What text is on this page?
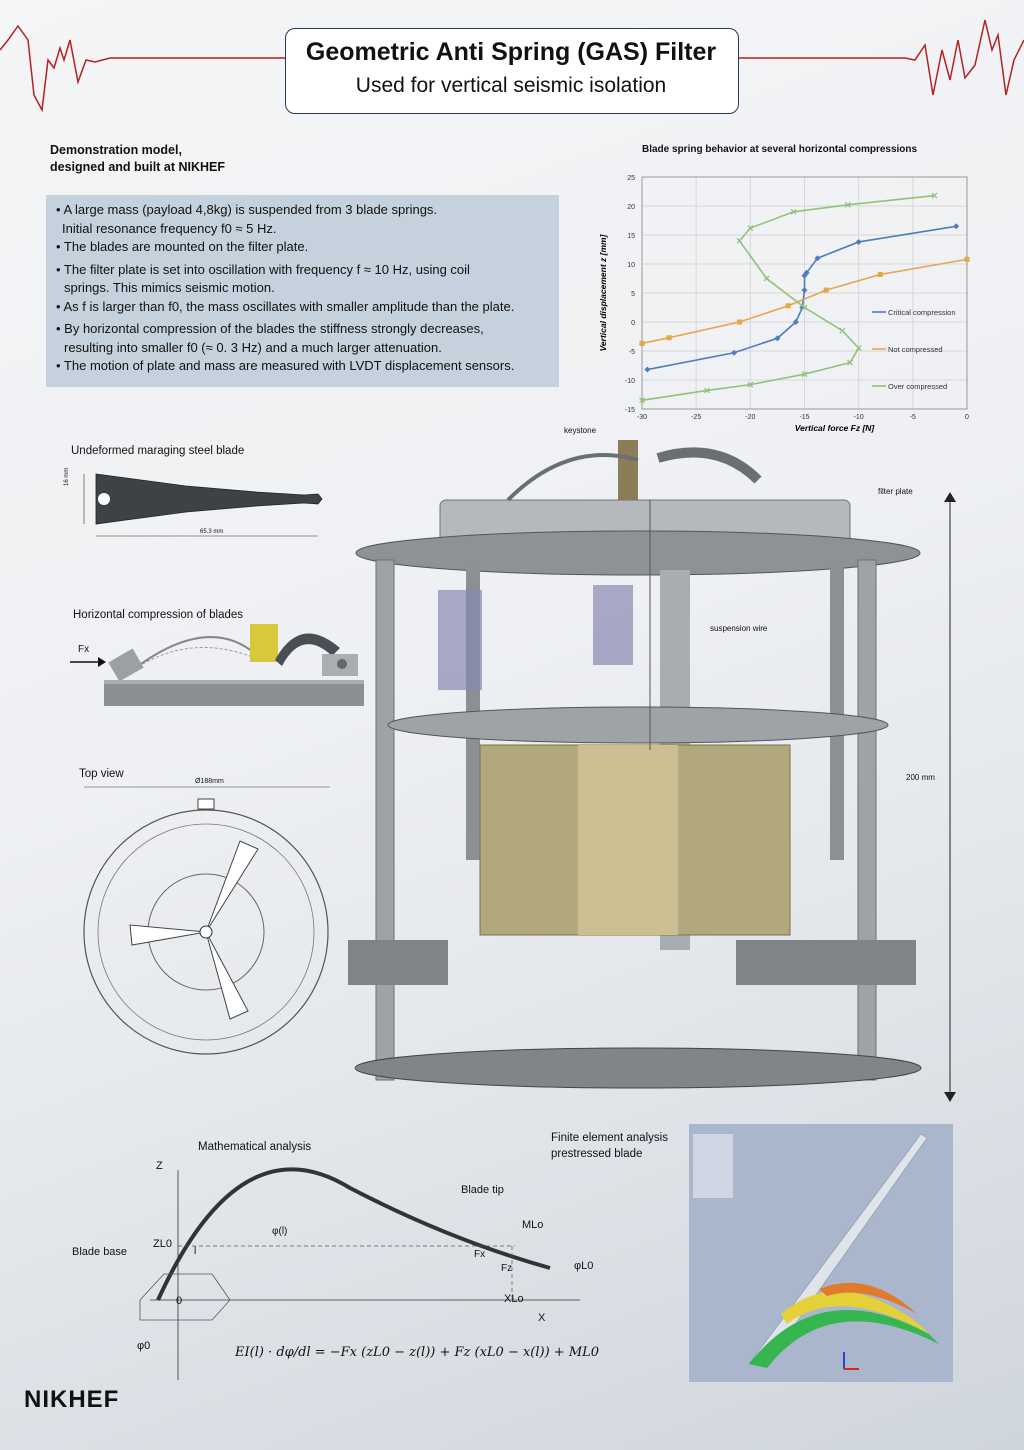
Geometric Anti Spring (GAS) Filter
Used for vertical seismic isolation
Demonstration model,
designed and built at NIKHEF
• A large mass (payload 4,8kg) is suspended from 3 blade springs.
Initial resonance frequency f0 ≈ 5 Hz.
• The blades are mounted on the filter plate.
• The filter plate is set into oscillation with frequency f ≈ 10 Hz, using coil
springs. This mimics seismic motion.
• As f is larger than f0, the mass oscillates with smaller amplitude than the plate.
• By horizontal compression of the blades the stiffness strongly decreases,
resulting into smaller f0 (≈ 0. 3 Hz) and a much larger attenuation.
• The motion of plate and mass are measured with LVDT displacement sensors.
Blade spring behavior at several horizontal compressions
-30	-25	-20	-15	-10	-5	0
-15
-10
-5
0
5
10
15
20
25
Vertical force Fz [N]
Vertical displacement z [mm]	Critical compression
Not compressed
Over compressed
Undeformed maraging steel blade
65.3 mm
16 mm
Horizontal compression of blades
Fx
Top view
Ø188mm
keystone
filter plate
suspension wire
200 mm
Mathematical analysis
Z
ZL0
Blade base
Blade tip
MLo
Fx
Fz
XLo
X
φ(l)
l
φL0
φ0
0
EI(l) · dφ/dl = −Fx (zL0 − z(l)) + Fz (xL0 − x(l)) + ML0
Finite element analysis
prestressed blade
NIKHEF
